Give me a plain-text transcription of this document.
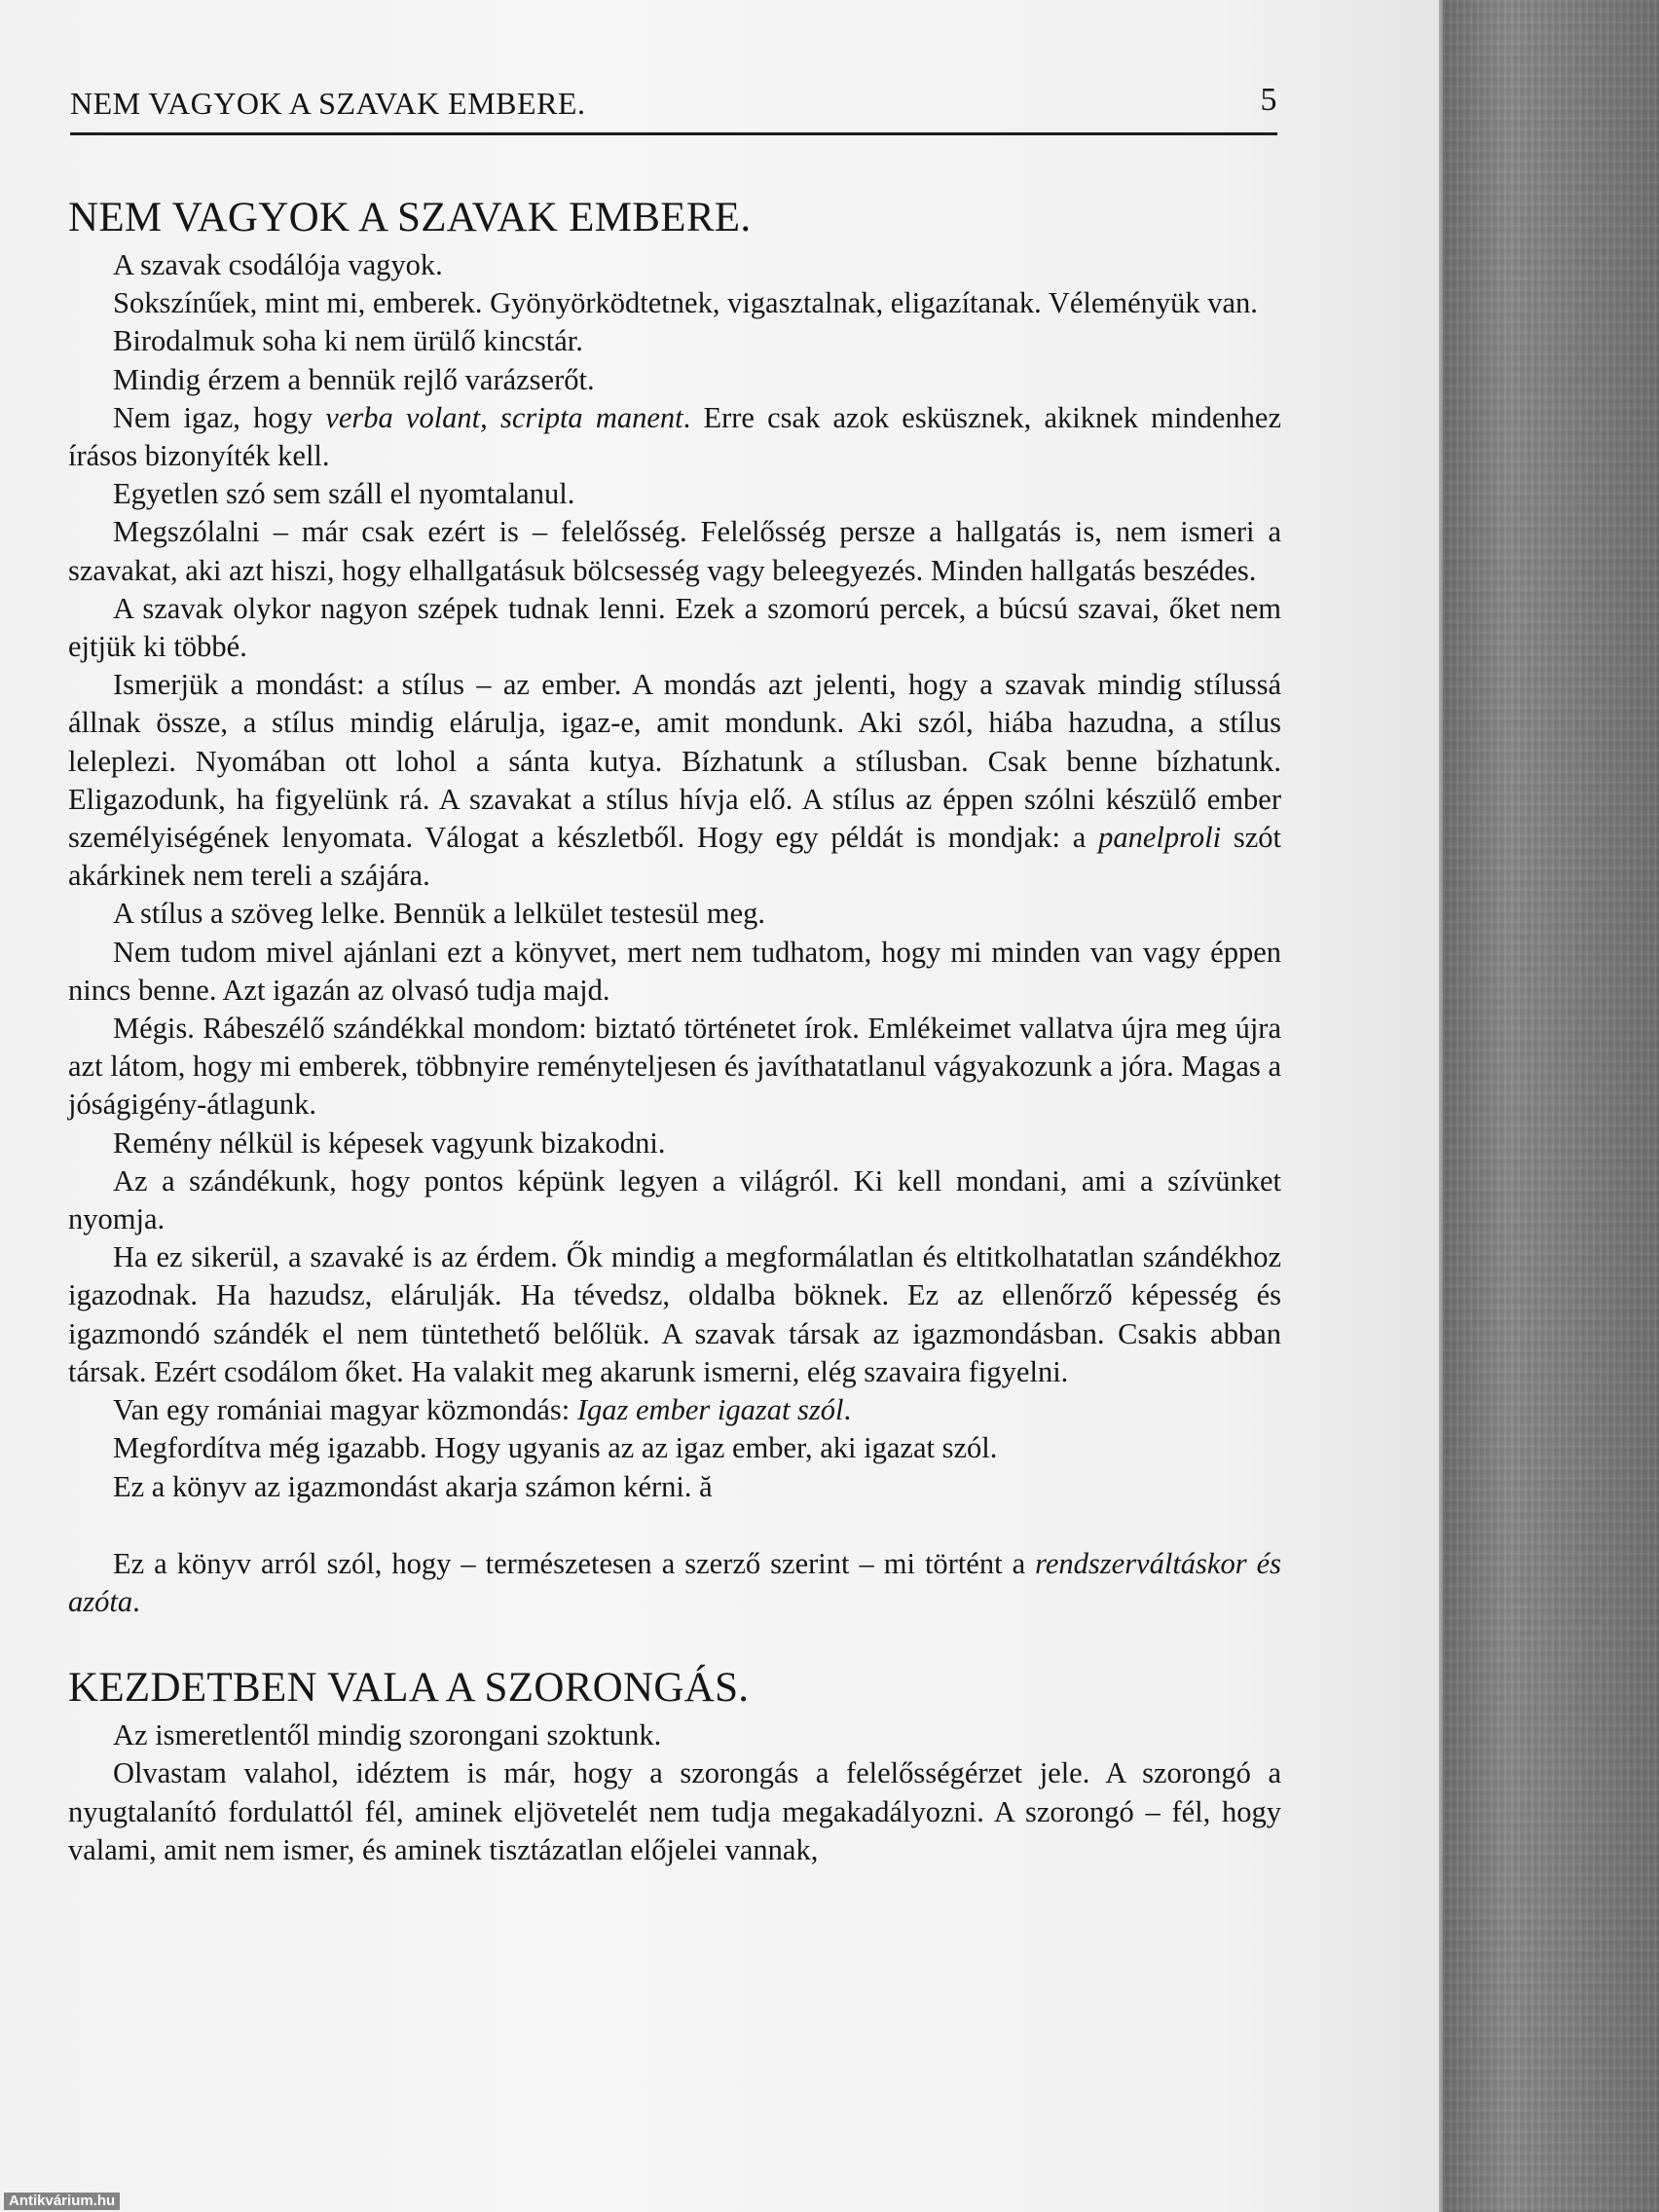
NEM VAGYOK A SZAVAK EMBERE.	5
NEM VAGYOK A SZAVAK EMBERE.

A szavak csodálója vagyok.

Sokszínűek, mint mi, emberek. Gyönyörködtetnek, vigasztalnak, eligazítanak. Véleményük van.

Birodalmuk soha ki nem ürülő kincstár.

Mindig érzem a bennük rejlő varázserőt.

Nem igaz, hogy verba volant, scripta manent. Erre csak azok esküsznek, akiknek mindenhez írásos bizonyíték kell.

Egyetlen szó sem száll el nyomtalanul.

Megszólalni – már csak ezért is – felelősség. Felelősség persze a hallgatás is, nem ismeri a szavakat, aki azt hiszi, hogy elhallgatásuk bölcsesség vagy beleegyezés. Minden hallgatás beszédes.

A szavak olykor nagyon szépek tudnak lenni. Ezek a szomorú percek, a búcsú szavai, őket nem ejtjük ki többé.

Ismerjük a mondást: a stílus – az ember. A mondás azt jelenti, hogy a szavak mindig stílussá állnak össze, a stílus mindig elárulja, igaz-e, amit mondunk. Aki szól, hiába hazudna, a stílus leleplezi. Nyomában ott lohol a sánta kutya. Bízhatunk a stílusban. Csak benne bízhatunk. Eligazodunk, ha figyelünk rá. A szavakat a stílus hívja elő. A stílus az éppen szólni készülő ember személyiségének lenyomata. Válogat a készletből. Hogy egy példát is mondjak: a panelproli szót akárkinek nem tereli a szájára.

A stílus a szöveg lelke. Bennük a lelkület testesül meg.

Nem tudom mivel ajánlani ezt a könyvet, mert nem tudhatom, hogy mi minden van vagy éppen nincs benne. Azt igazán az olvasó tudja majd.

Mégis. Rábeszélő szándékkal mondom: biztató történetet írok. Emlékeimet vallatva újra meg újra azt látom, hogy mi emberek, többnyire reményteljesen és javíthatatlanul vágyakozunk a jóra. Magas a jóságigény-átlagunk.

Remény nélkül is képesek vagyunk bizakodni.

Az a szándékunk, hogy pontos képünk legyen a világról. Ki kell mondani, ami a szívünket nyomja.

Ha ez sikerül, a szavaké is az érdem. Ők mindig a megformálatlan és eltitkolhatatlan szándékhoz igazodnak. Ha hazudsz, elárulják. Ha tévedsz, oldalba böknek. Ez az ellenőrző képesség és igazmondó szándék el nem tüntethető belőlük. A szavak társak az igazmondásban. Csakis abban társak. Ezért csodálom őket. Ha valakit meg akarunk ismerni, elég szavaira figyelni.

Van egy romániai magyar közmondás: Igaz ember igazat szól.

Megfordítva még igazabb. Hogy ugyanis az az igaz ember, aki igazat szól.

Ez a könyv az igazmondást akarja számon kérni. ă

Ez a könyv arról szól, hogy – természetesen a szerző szerint – mi történt a rendszerváltáskor és azóta.

KEZDETBEN VALA A SZORONGÁS.

Az ismeretlentől mindig szorongani szoktunk.

Olvastam valahol, idéztem is már, hogy a szorongás a felelősségérzet jele. A szorongó a nyugtalanító fordulattól fél, aminek eljövetelét nem tudja megakadályozni. A szorongó – fél, hogy valami, amit nem ismer, és aminek tisztázatlan előjelei vannak,

Antikvárium.hu
